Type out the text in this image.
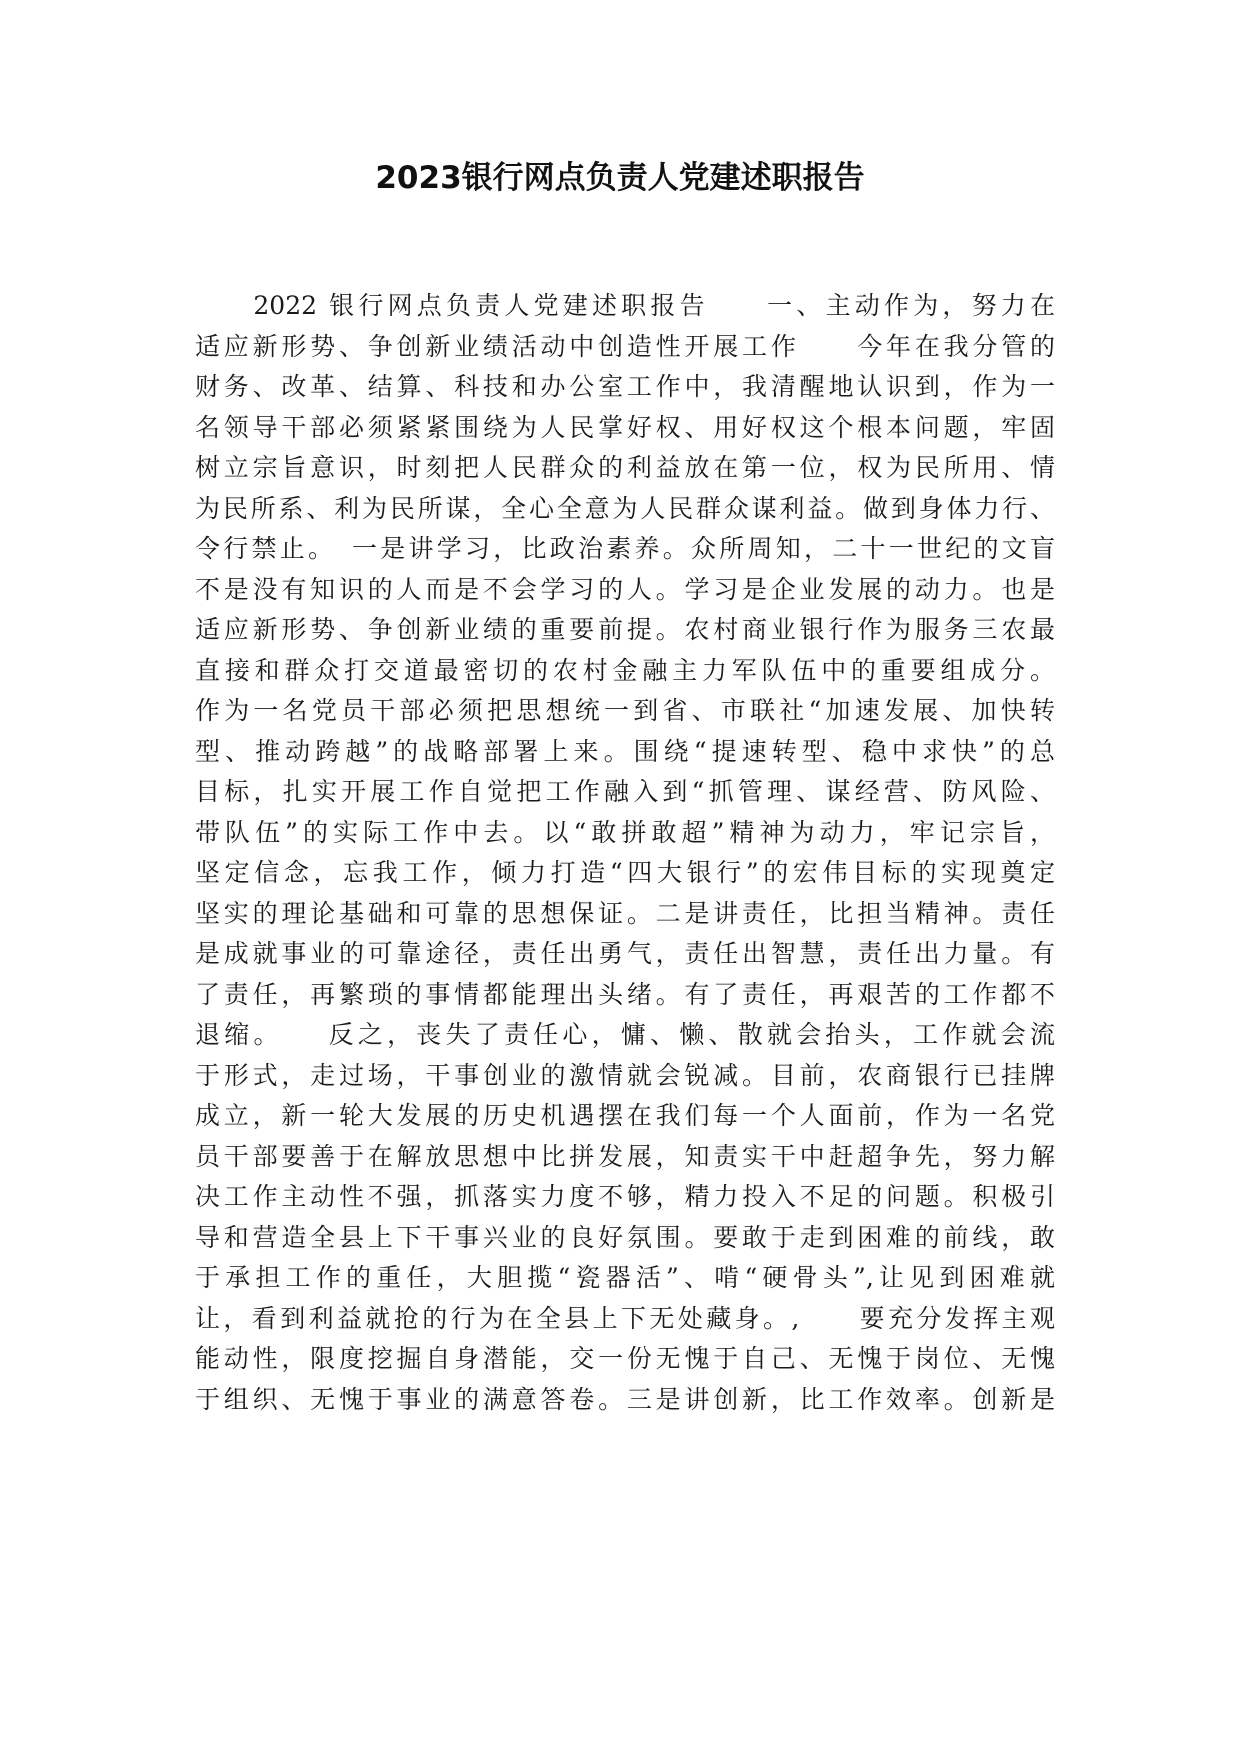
2023银行网点负责人党建述职报告
　　2022 银行网点负责人党建述职报告　　一、主动作为，努力在
适应新形势、争创新业绩活动中创造性开展工作　　今年在我分管的
财务、改革、结算、科技和办公室工作中，我清醒地认识到，作为一
名领导干部必须紧紧围绕为人民掌好权、用好权这个根本问题，牢固
树立宗旨意识，时刻把人民群众的利益放在第一位，权为民所用、情
为民所系、利为民所谋，全心全意为人民群众谋利益。做到身体力行、
令行禁止。　一是讲学习，比政治素养。众所周知，二十一世纪的文盲
不是没有知识的人而是不会学习的人。学习是企业发展的动力。也是
适应新形势、争创新业绩的重要前提。农村商业银行作为服务三农最
直接和群众打交道最密切的农村金融主力军队伍中的重要组成分。
作为一名党员干部必须把思想统一到省、市联社“加速发展、加快转
型、推动跨越”的战略部署上来。围绕“提速转型、稳中求快”的总
目标，扎实开展工作自觉把工作融入到“抓管理、谋经营、防风险、
带队伍”的实际工作中去。以“敢拼敢超”精神为动力，牢记宗旨，
坚定信念，忘我工作，倾力打造“四大银行”的宏伟目标的实现奠定
坚实的理论基础和可靠的思想保证。二是讲责任，比担当精神。责任
是成就事业的可靠途径，责任出勇气，责任出智慧，责任出力量。有
了责任，再繁琐的事情都能理出头绪。有了责任，再艰苦的工作都不
退缩。　　反之，丧失了责任心，慵、懒、散就会抬头，工作就会流
于形式，走过场，干事创业的激情就会锐减。目前，农商银行已挂牌
成立，新一轮大发展的历史机遇摆在我们每一个人面前，作为一名党
员干部要善于在解放思想中比拼发展，知责实干中赶超争先，努力解
决工作主动性不强，抓落实力度不够，精力投入不足的问题。积极引
导和营造全县上下干事兴业的良好氛围。要敢于走到困难的前线，敢
于承担工作的重任，大胆揽“瓷器活”、啃“硬骨头”,让见到困难就
让，看到利益就抢的行为在全县上下无处藏身。,　　要充分发挥主观
能动性，限度挖掘自身潜能，交一份无愧于自己、无愧于岗位、无愧
于组织、无愧于事业的满意答卷。三是讲创新，比工作效率。创新是
